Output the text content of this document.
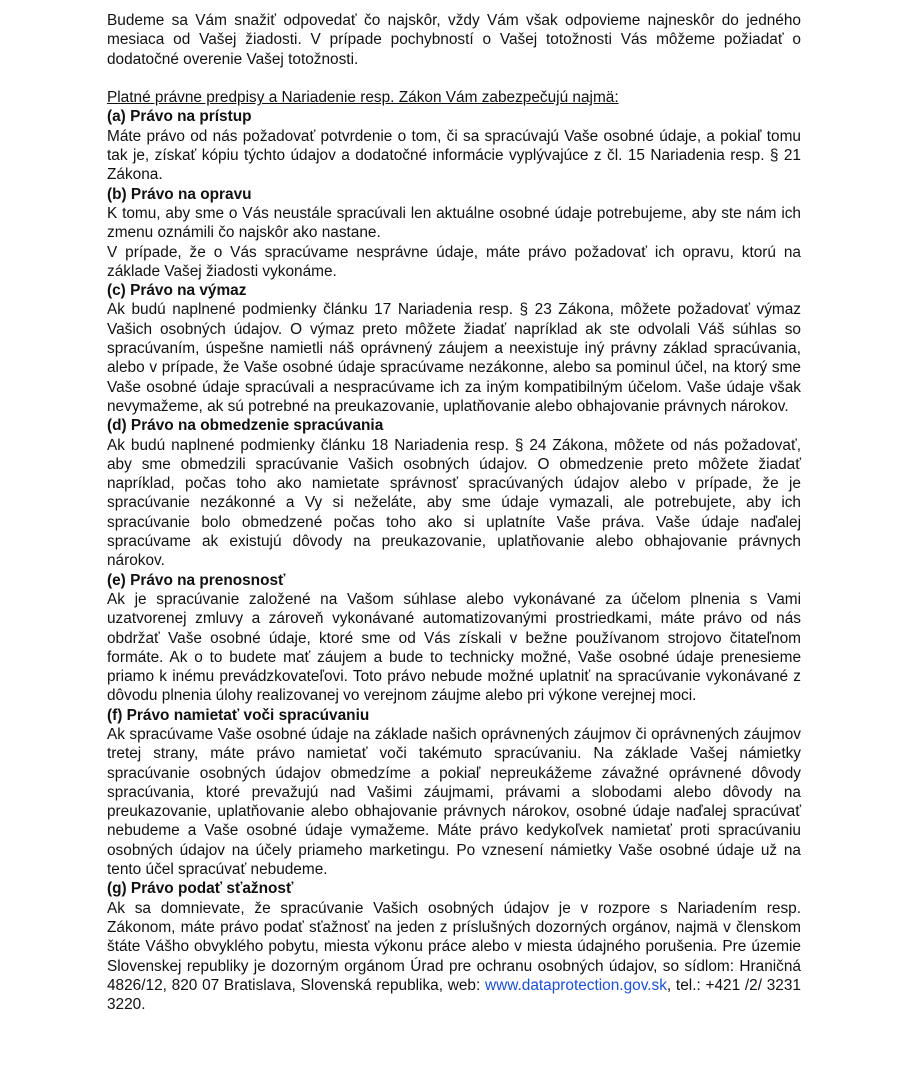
Budeme sa Vám snažiť odpovedať čo najskôr, vždy Vám však odpovieme najneskôr do jedného mesiaca od Vašej žiadosti. V prípade pochybností o Vašej totožnosti Vás môžeme požiadať o dodatočné overenie Vašej totožnosti.

Platné právne predpisy a Nariadenie resp. Zákon Vám zabezpečujú najmä:

(a) Právo na prístup

Máte právo od nás požadovať potvrdenie o tom, či sa spracúvajú Vaše osobné údaje, a pokiaľ tomu tak je, získať kópiu týchto údajov a dodatočné informácie vyplývajúce z čl. 15 Nariadenia resp. § 21 Zákona.

(b) Právo na opravu

K tomu, aby sme o Vás neustále spracúvali len aktuálne osobné údaje potrebujeme, aby ste nám ich zmenu oznámili čo najskôr ako nastane.

V prípade, že o Vás spracúvame nesprávne údaje, máte právo požadovať ich opravu, ktorú na základe Vašej žiadosti vykonáme.

(c) Právo na výmaz

Ak budú naplnené podmienky článku 17 Nariadenia resp. § 23 Zákona, môžete požadovať výmaz Vašich osobných údajov. O výmaz preto môžete žiadať napríklad ak ste odvolali Váš súhlas so spracúvaním, úspešne namietli náš oprávnený záujem a neexistuje iný právny základ spracúvania, alebo v prípade, že Vaše osobné údaje spracúvame nezákonne, alebo sa pominul účel, na ktorý sme Vaše osobné údaje spracúvali a nespracúvame ich za iným kompatibilným účelom. Vaše údaje však nevymažeme, ak sú potrebné na preukazovanie, uplatňovanie alebo obhajovanie právnych nárokov.

(d) Právo na obmedzenie spracúvania

Ak budú naplnené podmienky článku 18 Nariadenia resp. § 24 Zákona, môžete od nás požadovať, aby sme obmedzili spracúvanie Vašich osobných údajov. O obmedzenie preto môžete žiadať napríklad, počas toho ako namietate správnosť spracúvaných údajov alebo v prípade, že je spracúvanie nezákonné a Vy si neželáte, aby sme údaje vymazali, ale potrebujete, aby ich spracúvanie bolo obmedzené počas toho ako si uplatníte Vaše práva. Vaše údaje naďalej spracúvame ak existujú dôvody na preukazovanie, uplatňovanie alebo obhajovanie právnych nárokov.

(e) Právo na prenosnosť

Ak je spracúvanie založené na Vašom súhlase alebo vykonávané za účelom plnenia s Vami uzatvorenej zmluvy a zároveň vykonávané automatizovanými prostriedkami, máte právo od nás obdržať Vaše osobné údaje, ktoré sme od Vás získali v bežne používanom strojovo čitateľnom formáte. Ak o to budete mať záujem a bude to technicky možné, Vaše osobné údaje prenesieme priamo k inému prevádzkovateľovi. Toto právo nebude možné uplatniť na spracúvanie vykonávané z dôvodu plnenia úlohy realizovanej vo verejnom záujme alebo pri výkone verejnej moci.

(f) Právo namietať voči spracúvaniu

Ak spracúvame Vaše osobné údaje na základe našich oprávnených záujmov či oprávnených záujmov tretej strany, máte právo namietať voči takémuto spracúvaniu. Na základe Vašej námietky spracúvanie osobných údajov obmedzíme a pokiaľ nepreukážeme závažné oprávnené dôvody spracúvania, ktoré prevažujú nad Vašimi záujmami, právami a slobodami alebo dôvody na preukazovanie, uplatňovanie alebo obhajovanie právnych nárokov, osobné údaje naďalej spracúvať nebudeme a Vaše osobné údaje vymažeme. Máte právo kedykoľvek namietať proti spracúvaniu osobných údajov na účely priameho marketingu. Po vznesení námietky Vaše osobné údaje už na tento účel spracúvať nebudeme.

(g) Právo podať sťažnosť

Ak sa domnievate, že spracúvanie Vašich osobných údajov je v rozpore s Nariadením resp. Zákonom, máte právo podať sťažnosť na jeden z príslušných dozorných orgánov, najmä v členskom štáte Vášho obvyklého pobytu, miesta výkonu práce alebo v miesta údajného porušenia. Pre územie Slovenskej republiky je dozorným orgánom Úrad pre ochranu osobných údajov, so sídlom: Hraničná 4826/12, 820 07 Bratislava, Slovenská republika, web: www.dataprotection.gov.sk, tel.: +421 /2/ 3231 3220.
